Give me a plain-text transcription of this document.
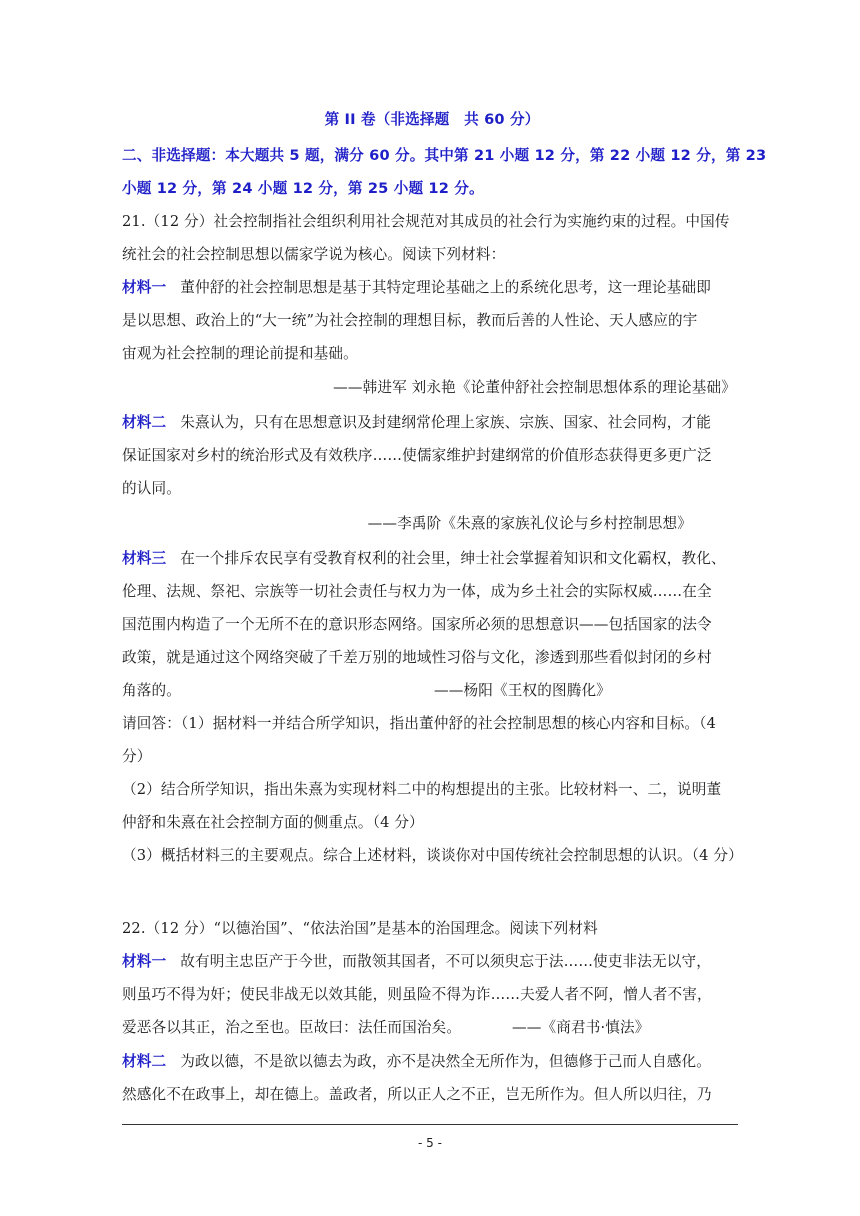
第 II 卷（非选择题　共 60 分）
二、非选择题：本大题共 5 题，满分 60 分。其中第 21 小题 12 分，第 22 小题 12 分，第 23
小题 12 分，第 24 小题 12 分，第 25 小题 12 分。
21.（12 分）社会控制指社会组织利用社会规范对其成员的社会行为实施约束的过程。中国传
统社会的社会控制思想以儒家学说为核心。阅读下列材料：
材料一 董仲舒的社会控制思想是基于其特定理论基础之上的系统化思考，这一理论基础即
是以思想、政治上的“大一统”为社会控制的理想目标，教而后善的人性论、天人感应的宇
宙观为社会控制的理论前提和基础。
——韩进军 刘永艳《论董仲舒社会控制思想体系的理论基础》
材料二 朱熹认为，只有在思想意识及封建纲常伦理上家族、宗族、国家、社会同构，才能
保证国家对乡村的统治形式及有效秩序……使儒家维护封建纲常的价值形态获得更多更广泛
的认同。
——李禹阶《朱熹的家族礼仪论与乡村控制思想》
材料三 在一个排斥农民享有受教育权利的社会里，绅士社会掌握着知识和文化霸权，教化、
伦理、法规、祭祀、宗族等一切社会责任与权力为一体，成为乡土社会的实际权威……在全
国范围内构造了一个无所不在的意识形态网络。国家所必须的思想意识——包括国家的法令
政策，就是通过这个网络突破了千差万别的地域性习俗与文化，渗透到那些看似封闭的乡村
角落的。	——杨阳《王权的图腾化》
请回答：（1）据材料一并结合所学知识，指出董仲舒的社会控制思想的核心内容和目标。（4
分）
（2）结合所学知识，指出朱熹为实现材料二中的构想提出的主张。比较材料一、二，说明董
仲舒和朱熹在社会控制方面的侧重点。（4 分）
（3）概括材料三的主要观点。综合上述材料，谈谈你对中国传统社会控制思想的认识。（4 分）
22.（12 分）“以德治国”、“依法治国”是基本的治国理念。阅读下列材料
材料一 故有明主忠臣产于今世，而散领其国者，不可以须臾忘于法……使吏非法无以守，
则虽巧不得为奸；使民非战无以效其能，则虽险不得为诈……夫爱人者不阿，憎人者不害，
爱恶各以其正，治之至也。臣故曰：法任而国治矣。	——《商君书·慎法》
材料二 为政以德，不是欲以德去为政，亦不是决然全无所作为，但德修于己而人自感化。
然感化不在政事上，却在德上。盖政者，所以正人之不正，岂无所作为。但人所以归往，乃
- 5 -
